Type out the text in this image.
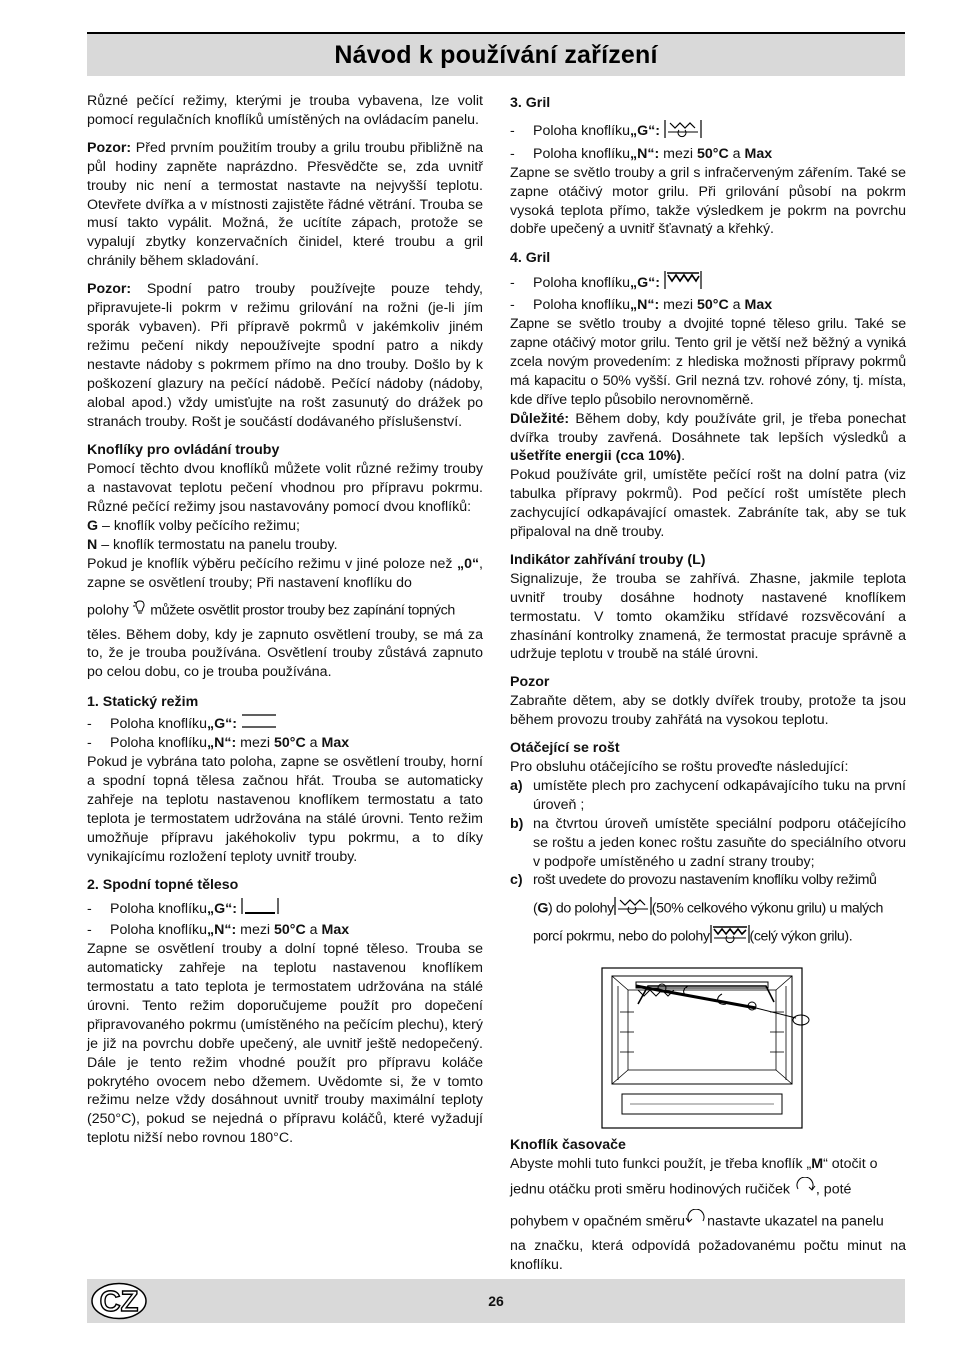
Návod k používání zařízení

Různé pečící režimy, kterými je trouba vybavena, lze volit pomocí regulačních knoflíků umístěných na ovládacím panelu.

Pozor: Před prvním použitím trouby a grilu troubu přibližně na půl hodiny zapněte naprázdno. Přesvědčte se, zda uvnitř trouby nic není a termostat nastavte na nejvyšší teplotu. Otevřete dvířka a v místnosti zajistěte řádné větrání. Trouba se musí takto vypálit. Možná, že ucítíte zápach, protože se vypalují zbytky konzervačních činidel, které troubu a gril chránily během skladování.

Pozor: Spodní patro trouby používejte pouze tehdy, připravujete-li pokrm v režimu grilování na rožni (je-li jím sporák vybaven). Při přípravě pokrmů v jakémkoliv jiném režimu pečení nikdy nepoužívejte spodní patro a nikdy nestavte nádoby s pokrmem přímo na dno trouby. Došlo by k poškození glazury na pečící nádobě. Pečící nádoby (nádoby, alobal apod.) vždy umisťujte na rošt zasunutý do drážek po stranách trouby. Rošt je součástí dodávaného příslušenství.

Knoflíky pro ovládání trouby

Pomocí těchto dvou knoflíků můžete volit různé režimy trouby a nastavovat teplotu pečení vhodnou pro přípravu pokrmu. Různé pečící režimy jsou nastavovány pomocí dvou knoflíků:

G – knoflík volby pečícího režimu;

N – knoflík termostatu na panelu trouby.

Pokud je knoflík výběru pečícího režimu v jiné poloze než „0“, zapne se osvětlení trouby; Při nastavení knoflíku do

polohy  můžete osvětlit prostor trouby bez zapínání topných

těles. Během doby, kdy je zapnuto osvětlení trouby, se má za to, že je trouba používána. Osvětlení trouby zůstává zapnuto po celou dobu, co je trouba používána.

1. Statický režim
-	Poloha knoflíku „G“:
-	Poloha knoflíku „N“: mezi 50°C a Max

Pokud je vybrána tato poloha, zapne se osvětlení trouby, horní a spodní topná tělesa začnou hřát. Trouba se automaticky zahřeje na teplotu nastavenou knoflíkem termostatu a tato teplota je termostatem udržována na stálé úrovni. Tento režim umožňuje přípravu jakéhokoliv typu pokrmu, a to díky vynikajícímu rozložení teploty uvnitř trouby.

2. Spodní topné těleso
-	Poloha knoflíku „G“:
-	Poloha knoflíku „N“: mezi 50°C a Max

Zapne se osvětlení trouby a dolní topné těleso. Trouba se automaticky zahřeje na teplotu nastavenou knoflíkem termostatu a tato teplota je termostatem udržována na stálé úrovni. Tento režim doporučujeme použít pro dopečení připravovaného pokrmu (umístěného na pečícím plechu), který je již na povrchu dobře upečený, ale uvnitř ještě nedopečený. Dále je tento režim vhodné použít pro přípravu koláče pokrytého ovocem nebo džemem. Uvědomte si, že v tomto režimu nelze vždy dosáhnout uvnitř trouby maximální teploty (250°C), pokud se nejedná o přípravu koláčů, které vyžadují teplotu nižší nebo rovnou 180°C.

3. Gril
-	Poloha knoflíku „G“:
-	Poloha knoflíku „N“: mezi 50°C a Max

Zapne se světlo trouby a gril s infračerveným zářením. Také se zapne otáčivý motor grilu. Při grilování působí na pokrm vysoká teplota přímo, takže výsledkem je pokrm na povrchu dobře upečený a uvnitř šťavnatý a křehký.

4. Gril
-	Poloha knoflíku „G“:
-	Poloha knoflíku „N“: mezi 50°C a Max

Zapne se světlo trouby a dvojité topné těleso grilu. Také se zapne otáčivý motor grilu. Tento gril je větší než běžný a vyniká zcela novým provedením: z hlediska možnosti přípravy pokrmů má kapacitu o 50% vyšší. Gril nezná tzv. rohové zóny, tj. místa, kde dříve teplo působilo nerovnoměrně.

Důležité: Během doby, kdy používáte gril, je třeba ponechat dvířka trouby zavřená. Dosáhnete tak lepších výsledků a ušetříte energii (cca 10%).

Pokud používáte gril, umístěte pečící rošt na dolní patra (viz tabulka přípravy pokrmů). Pod pečící rošt umístěte plech zachycující odkapávající omastek. Zabráníte tak, aby se tuk připaloval na dně trouby.

Indikátor zahřívání trouby (L)

Signalizuje, že trouba se zahřívá. Zhasne, jakmile teplota uvnitř trouby dosáhne hodnoty nastavené knoflíkem termostatu. V tomto okamžiku střídavé rozsvěcování a zhasínání kontrolky znamená, že termostat pracuje správně a udržuje teplotu v troubě na stálé úrovni.

Pozor

Zabraňte dětem, aby se dotkly dvířek trouby, protože ta jsou během provozu trouby zahřátá na vysokou teplotu.

Otáčející se rošt

Pro obsluhu otáčejícího se roštu proveďte následující:

a) umístěte plech pro zachycení odkapávajícího tuku na první úroveň ;
b) na čtvrtou úroveň umístěte speciální podporu otáčejícího se roštu a jeden konec roštu zasuňte do speciálního otvoru v podpoře umístěného u zadní strany trouby;
c) rošt uvedete do provozu nastavením knoflíku volby režimů
(G) do polohy	(50% celkového výkonu grilu) u malých
porcí pokrmu, nebo do polohy	(celý výkon grilu).
Knoflík časovače

Abyste mohli tuto funkci použít, je třeba knoflík „M“ otočit o

jednu otáčku proti směru hodinových ručiček , poté

pohybem v opačném směru nastavte ukazatel na panelu

na značku, která odpovídá požadovanému počtu minut na knoflíku.

26
CZ
